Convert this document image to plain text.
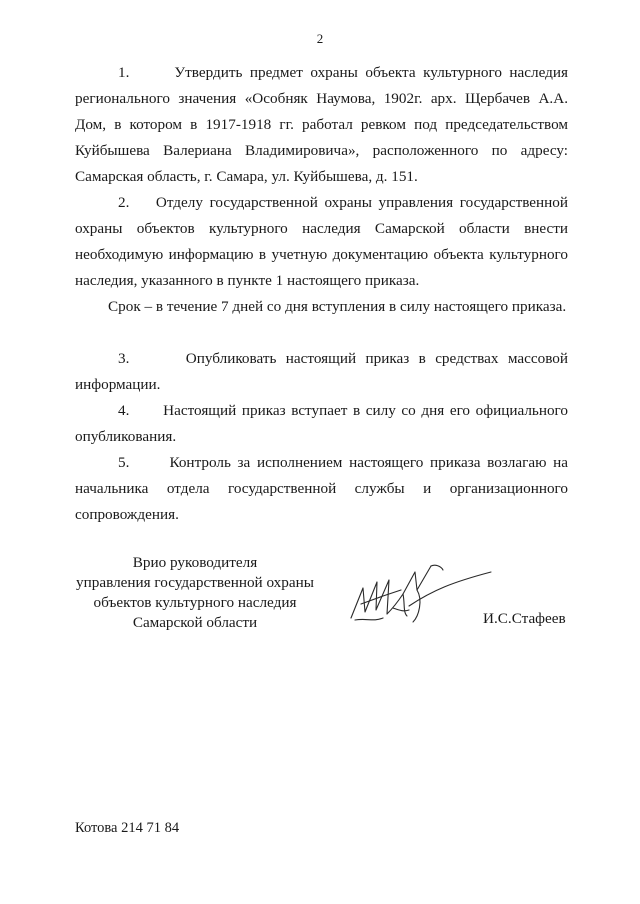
2

1.	Утвердить предмет охраны объекта культурного наследия регионального значения «Особняк Наумова, 1902г. арх. Щербачев А.А. Дом, в котором в 1917-1918 гг. работал ревком под председательством Куйбышева Валериана Владимировича», расположенного по адресу: Самарская область, г. Самара, ул. Куйбышева, д. 151.

2. Отделу государственной охраны управления государственной охраны объектов культурного наследия Самарской области внести необходимую информацию в учетную документацию объекта культурного наследия, указанного в пункте 1 настоящего приказа.

Срок – в течение 7 дней со дня вступления в силу настоящего приказа.

3.	Опубликовать настоящий приказ в средствах массовой информации.

4. Настоящий приказ вступает в силу со дня его официального опубликования.

5.	Контроль за исполнением настоящего приказа возлагаю на начальника отдела государственной службы и организационного сопровождения.

Врио руководителя
управления государственной охраны
объектов культурного наследия
Самарской области	И.С.Стафеев
Котова 214 71 84
